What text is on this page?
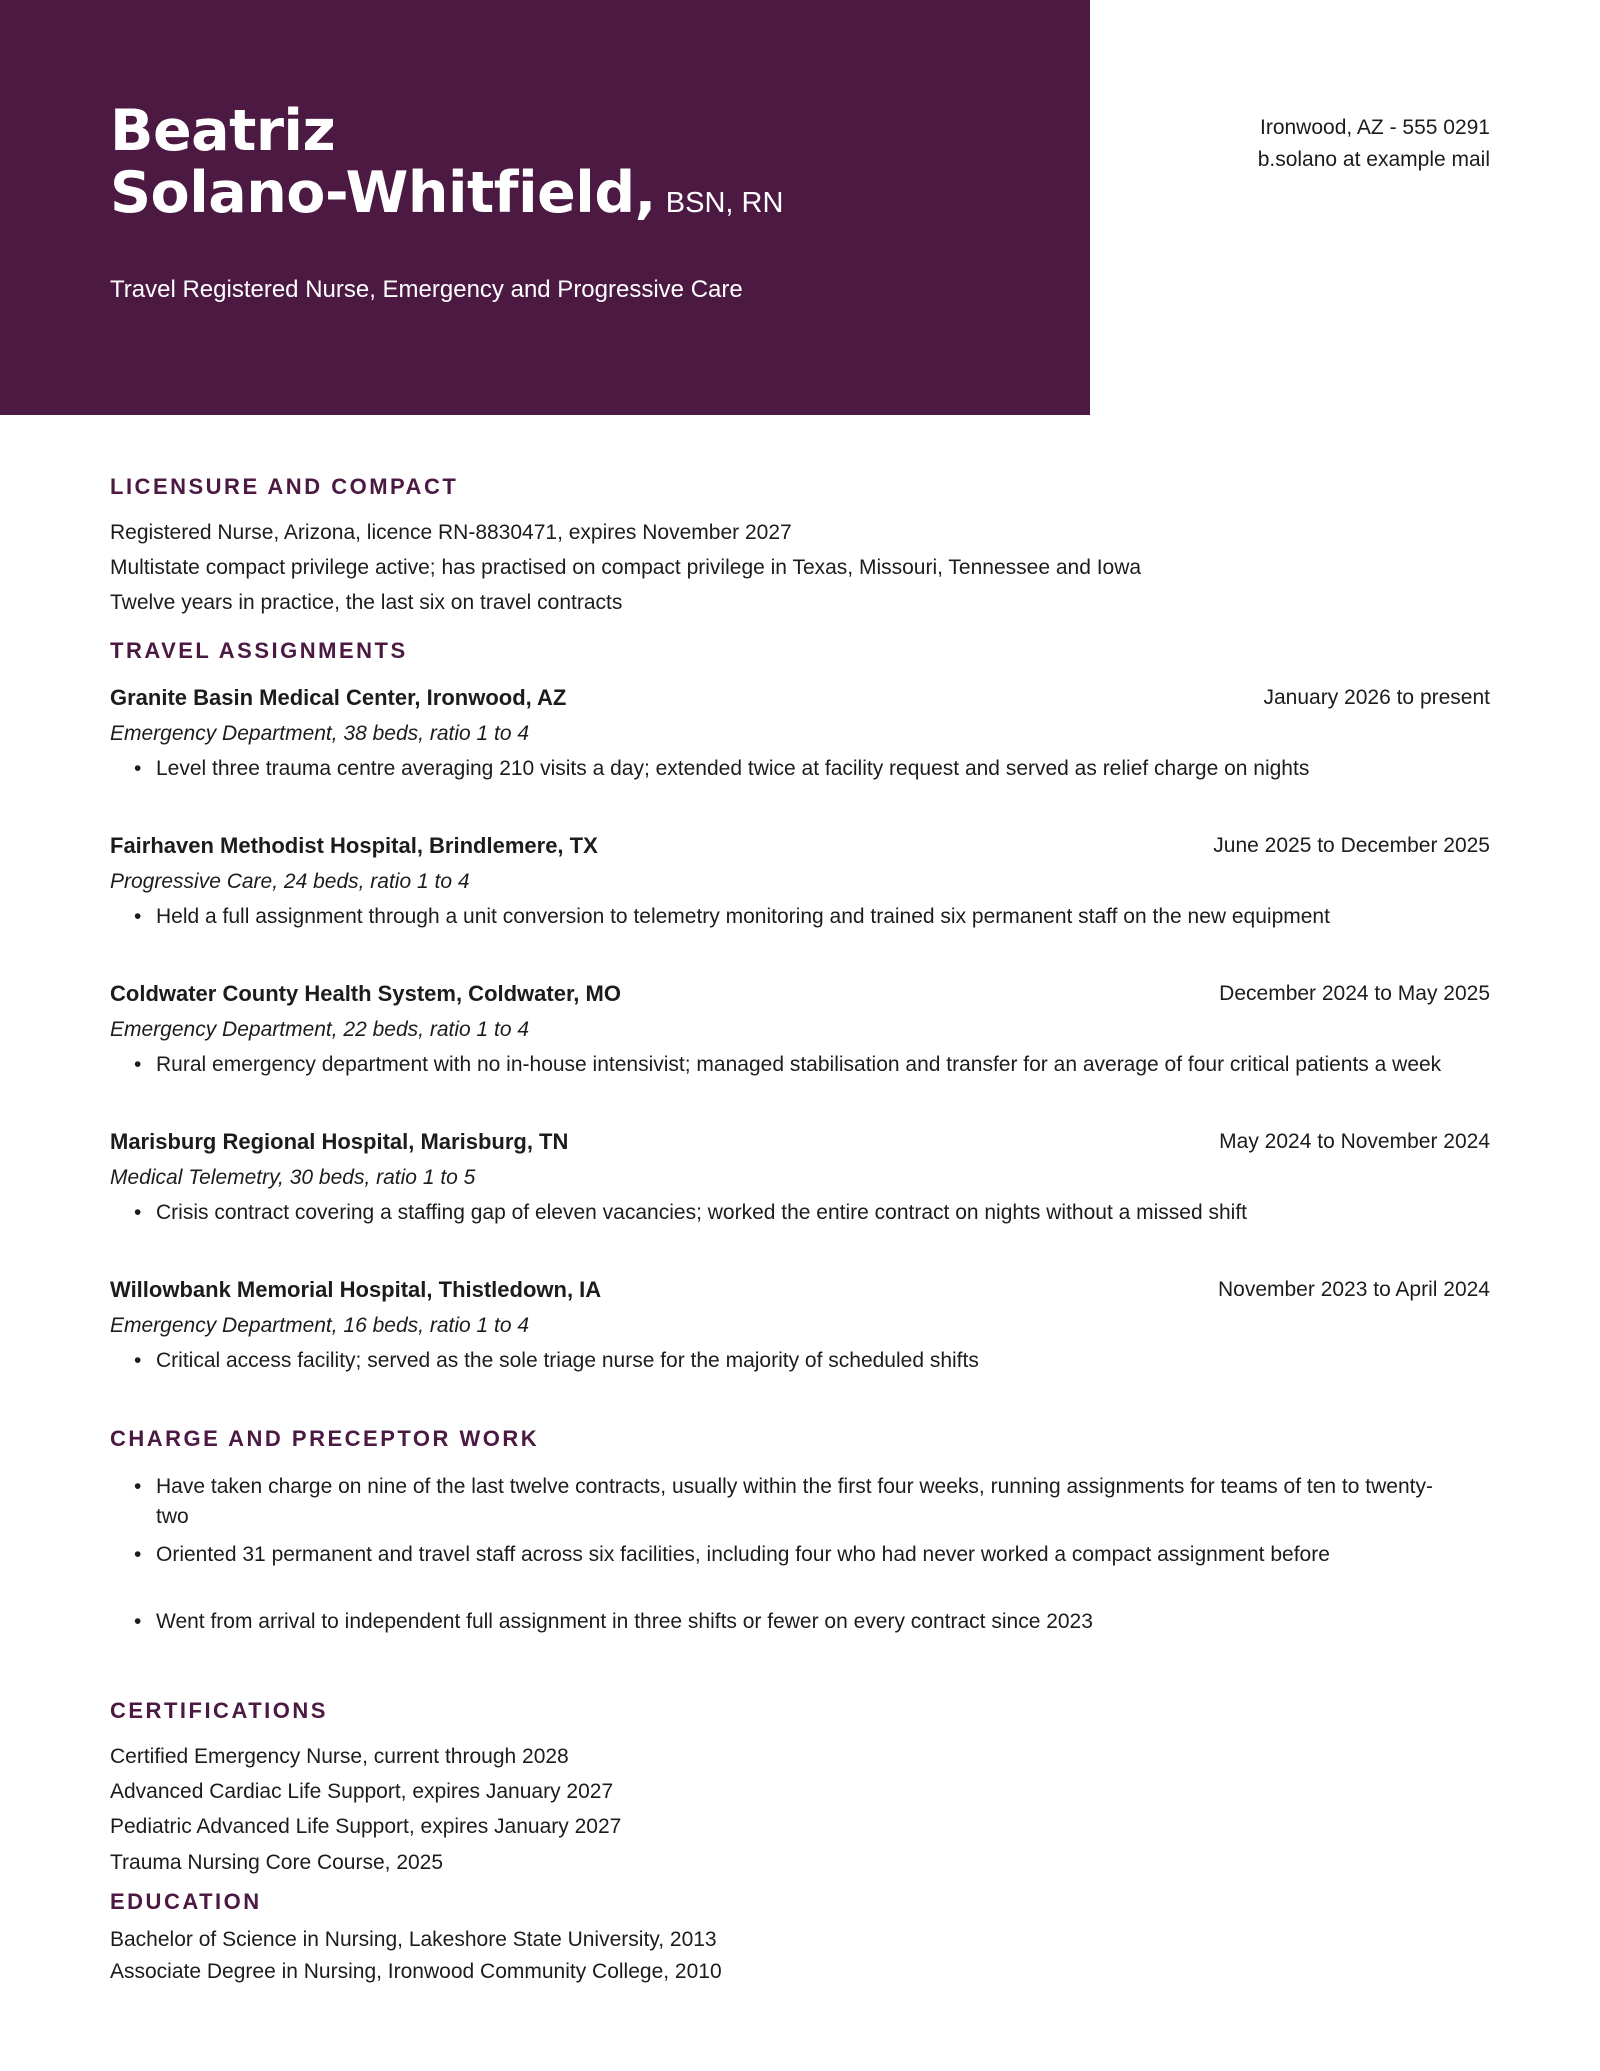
Beatriz
Solano-Whitfield, BSN, RN
Travel Registered Nurse, Emergency and Progressive Care
Ironwood, AZ - 555 0291
b.solano at example mail
LICENSURE AND COMPACT
Registered Nurse, Arizona, licence RN-8830471, expires November 2027
Multistate compact privilege active; has practised on compact privilege in Texas, Missouri, Tennessee and Iowa
Twelve years in practice, the last six on travel contracts
TRAVEL ASSIGNMENTS
Granite Basin Medical Center, Ironwood, AZ	January 2026 to present
Emergency Department, 38 beds, ratio 1 to 4
• Level three trauma centre averaging 210 visits a day; extended twice at facility request and served as relief charge on nights
Fairhaven Methodist Hospital, Brindlemere, TX	June 2025 to December 2025
Progressive Care, 24 beds, ratio 1 to 4
• Held a full assignment through a unit conversion to telemetry monitoring and trained six permanent staff on the new equipment
Coldwater County Health System, Coldwater, MO	December 2024 to May 2025
Emergency Department, 22 beds, ratio 1 to 4
• Rural emergency department with no in-house intensivist; managed stabilisation and transfer for an average of four critical patients a week
Marisburg Regional Hospital, Marisburg, TN	May 2024 to November 2024
Medical Telemetry, 30 beds, ratio 1 to 5
• Crisis contract covering a staffing gap of eleven vacancies; worked the entire contract on nights without a missed shift
Willowbank Memorial Hospital, Thistledown, IA	November 2023 to April 2024
Emergency Department, 16 beds, ratio 1 to 4
• Critical access facility; served as the sole triage nurse for the majority of scheduled shifts
CHARGE AND PRECEPTOR WORK
• Have taken charge on nine of the last twelve contracts, usually within the first four weeks, running assignments for teams of ten to twenty-two
• Oriented 31 permanent and travel staff across six facilities, including four who had never worked a compact assignment before
• Went from arrival to independent full assignment in three shifts or fewer on every contract since 2023
CERTIFICATIONS
Certified Emergency Nurse, current through 2028
Advanced Cardiac Life Support, expires January 2027
Pediatric Advanced Life Support, expires January 2027
Trauma Nursing Core Course, 2025
EDUCATION
Bachelor of Science in Nursing, Lakeshore State University, 2013
Associate Degree in Nursing, Ironwood Community College, 2010
